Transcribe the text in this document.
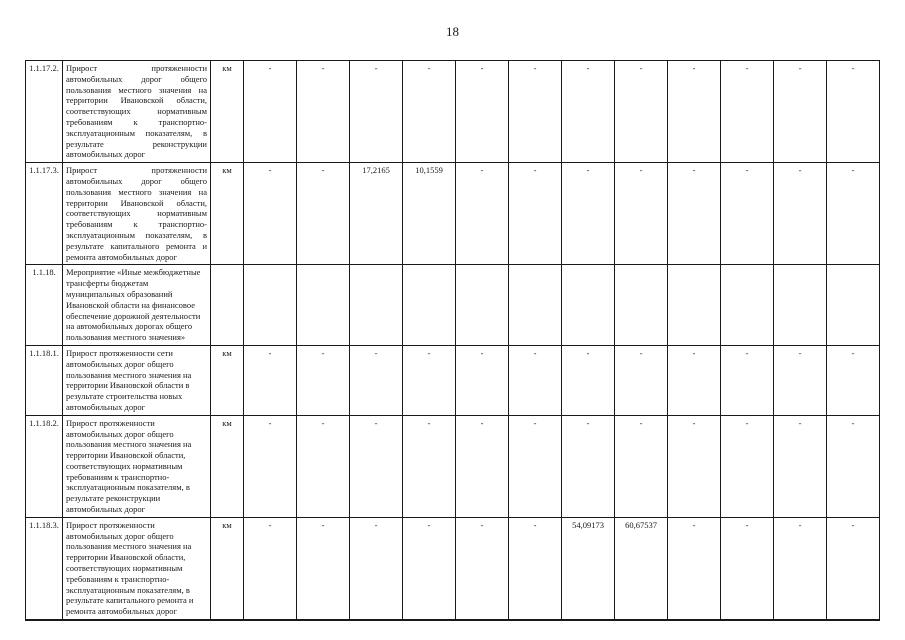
18
1.1.17.2.	Прирост протяженности автомобильных дорог общего пользования местного значения на территории Ивановской области, соответствующих нормативным требованиям к транспортно-эксплуатационным показателям, в результате реконструкции автомобильных дорог	км	-	-	-	-	-	-	-	-	-	-	-	-
1.1.17.3.	Прирост протяженности автомобильных дорог общего пользования местного значения на территории Ивановской области, соответствующих нормативным требованиям к транспортно-эксплуатационным показателям, в результате капитального ремонта и ремонта автомобильных дорог	км	-	-	17,2165	10,1559	-	-	-	-	-	-	-	-
1.1.18.	Мероприятие «Иные межбюджетные трансферты бюджетам муниципальных образований Ивановской области на финансовое обеспечение дорожной деятельности на автомобильных дорогах общего пользования местного значения»													
1.1.18.1.	Прирост протяженности сети автомобильных дорог общего пользования местного значения на территории Ивановской области в результате строительства новых автомобильных дорог	км	-	-	-	-	-	-	-	-	-	-	-	-
1.1.18.2.	Прирост протяженности автомобильных дорог общего пользования местного значения на территории Ивановской области, соответствующих нормативным требованиям к транспортно-эксплуатационным показателям, в результате реконструкции автомобильных дорог	км	-	-	-	-	-	-	-	-	-	-	-	-
1.1.18.3.	Прирост протяженности автомобильных дорог общего пользования местного значения на территории Ивановской области, соответствующих нормативным требованиям к транспортно-эксплуатационным показателям, в результате капитального ремонта и ремонта автомобильных дорог	км	-	-	-	-	-	-	54,09173	60,67537	-	-	-	-
